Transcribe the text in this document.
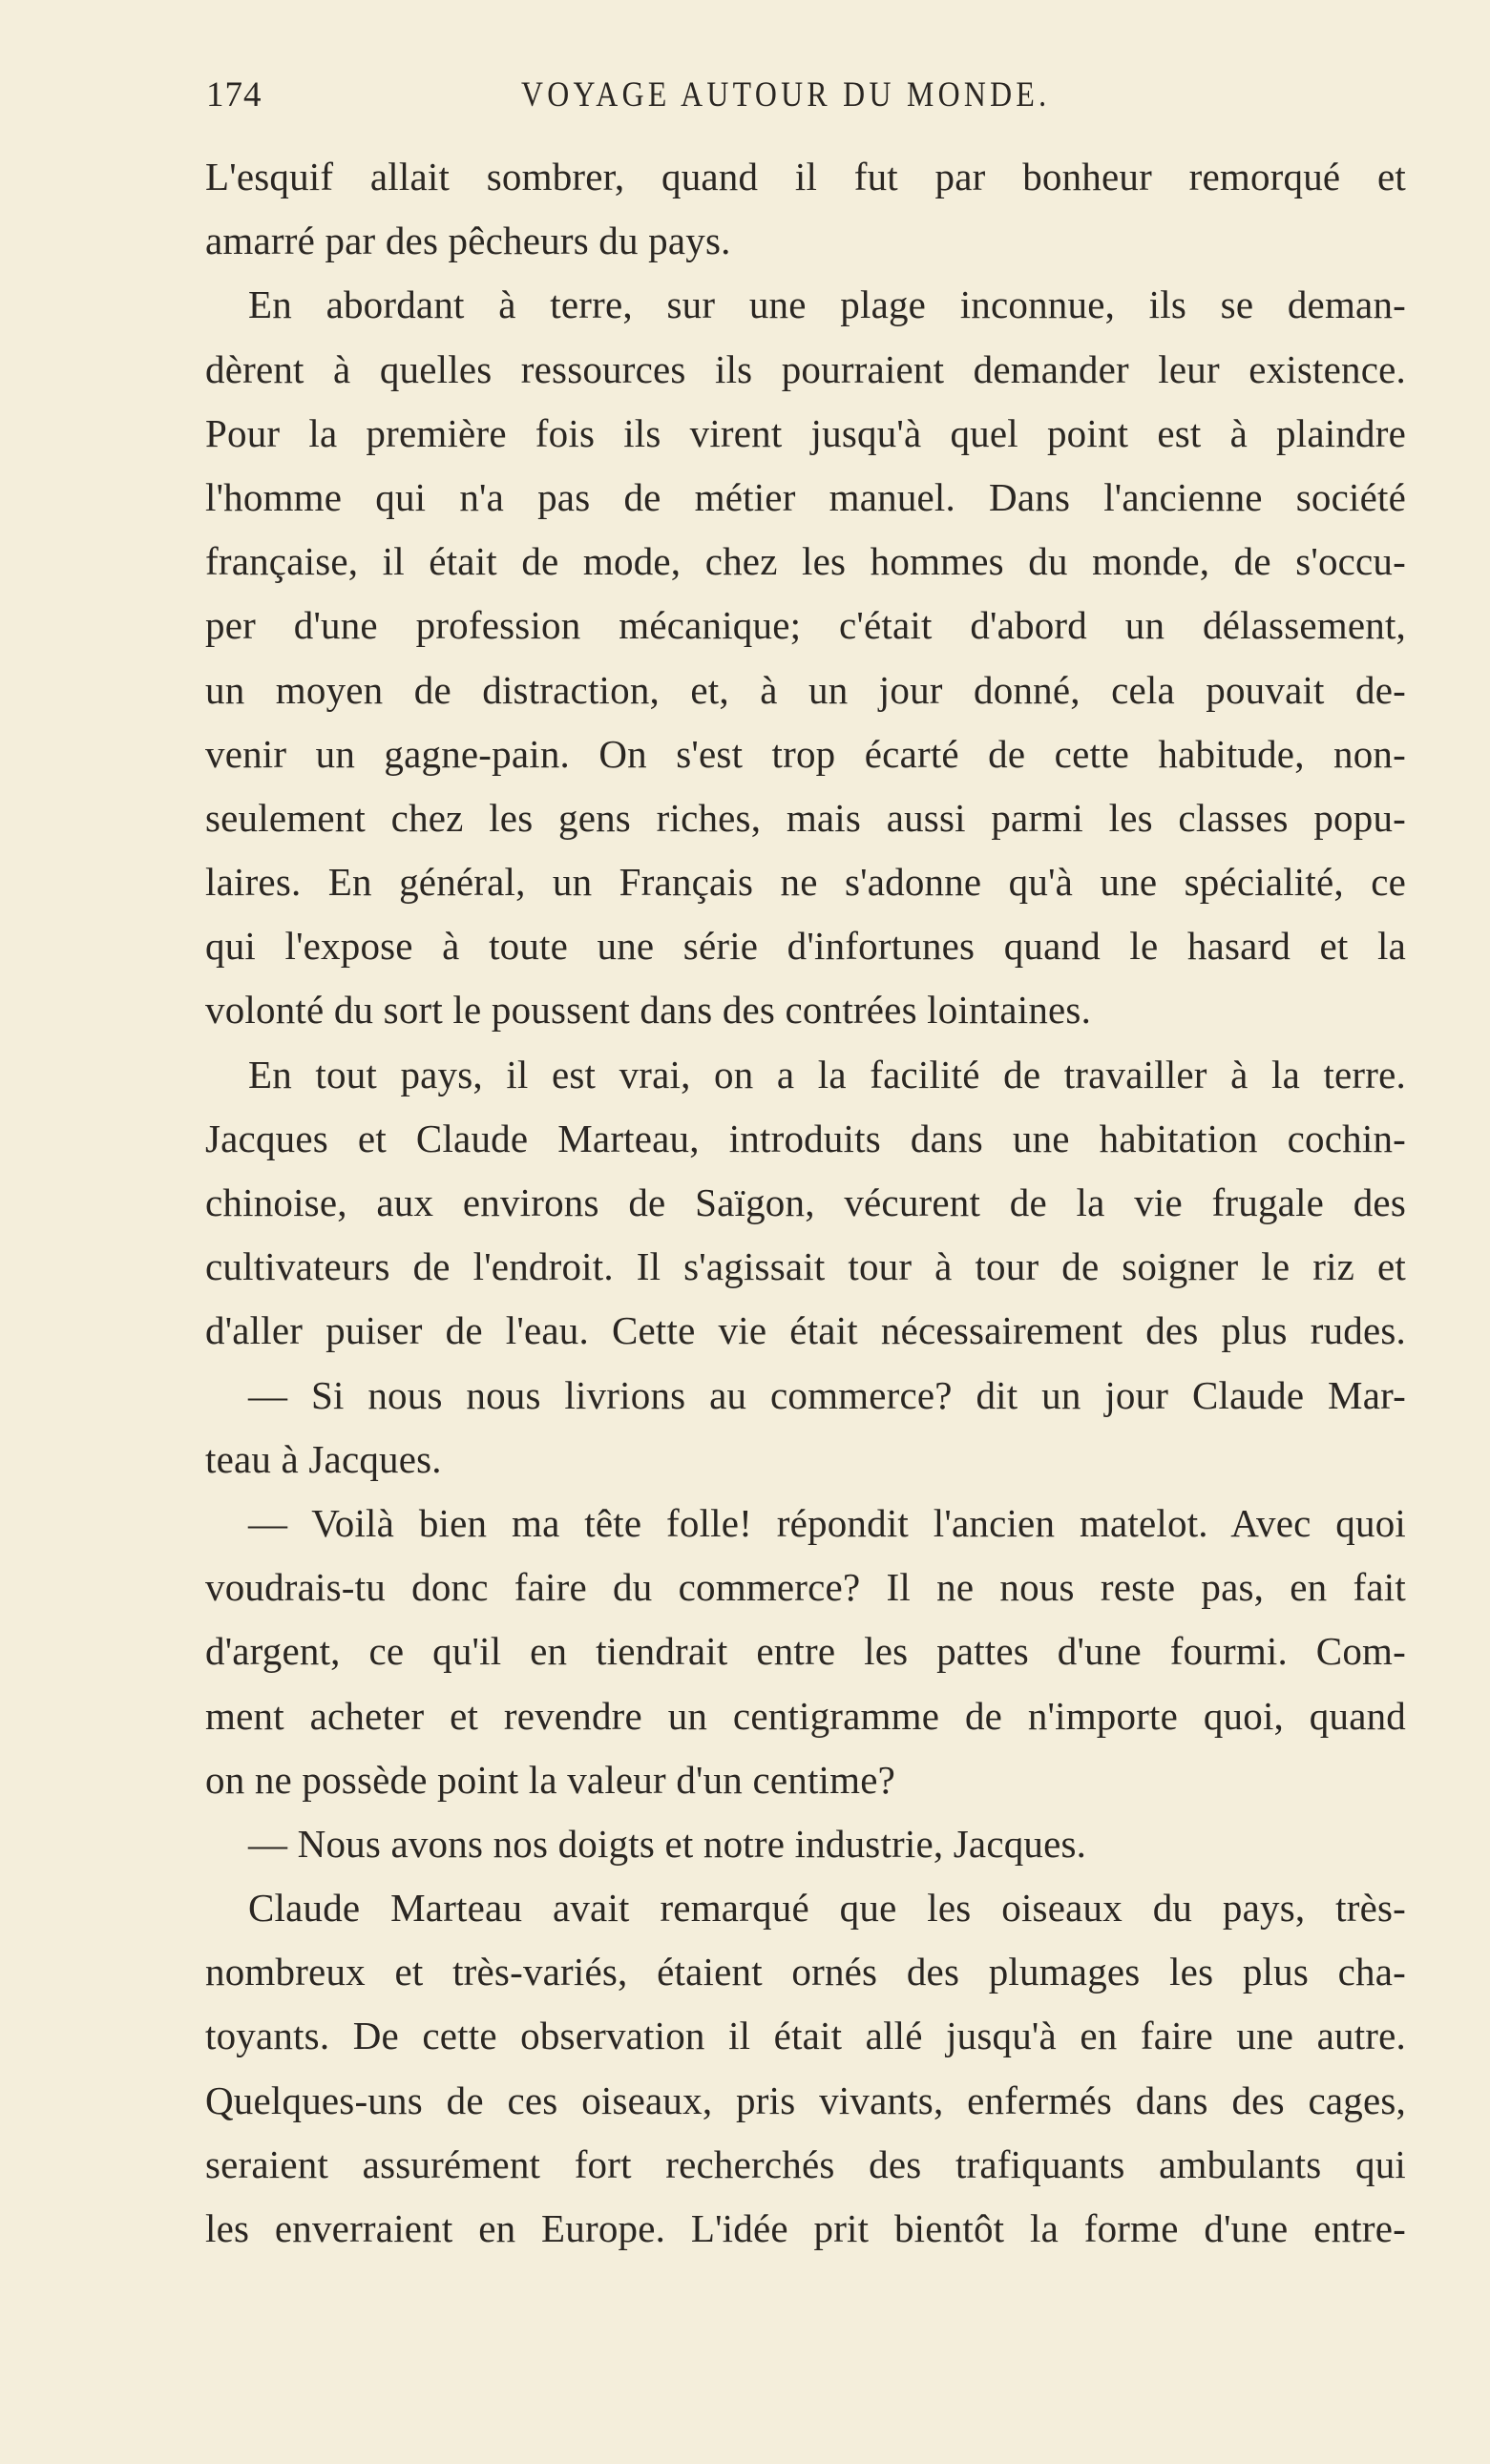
174	VOYAGE AUTOUR DU MONDE.
L'esquif allait sombrer, quand il fut par bonheur remorqué et
amarré par des pêcheurs du pays.
En abordant à terre, sur une plage inconnue, ils se deman-
dèrent à quelles ressources ils pourraient demander leur existence.
Pour la première fois ils virent jusqu'à quel point est à plaindre
l'homme qui n'a pas de métier manuel. Dans l'ancienne société
française, il était de mode, chez les hommes du monde, de s'occu-
per d'une profession mécanique; c'était d'abord un délassement,
un moyen de distraction, et, à un jour donné, cela pouvait de-
venir un gagne-pain. On s'est trop écarté de cette habitude, non-
seulement chez les gens riches, mais aussi parmi les classes popu-
laires. En général, un Français ne s'adonne qu'à une spécialité, ce
qui l'expose à toute une série d'infortunes quand le hasard et la
volonté du sort le poussent dans des contrées lointaines.
En tout pays, il est vrai, on a la facilité de travailler à la terre.
Jacques et Claude Marteau, introduits dans une habitation cochin-
chinoise, aux environs de Saïgon, vécurent de la vie frugale des
cultivateurs de l'endroit. Il s'agissait tour à tour de soigner le riz et
d'aller puiser de l'eau. Cette vie était nécessairement des plus rudes.
— Si nous nous livrions au commerce? dit un jour Claude Mar-
teau à Jacques.
— Voilà bien ma tête folle! répondit l'ancien matelot. Avec quoi
voudrais-tu donc faire du commerce? Il ne nous reste pas, en fait
d'argent, ce qu'il en tiendrait entre les pattes d'une fourmi. Com-
ment acheter et revendre un centigramme de n'importe quoi, quand
on ne possède point la valeur d'un centime?
— Nous avons nos doigts et notre industrie, Jacques.
Claude Marteau avait remarqué que les oiseaux du pays, très-
nombreux et très-variés, étaient ornés des plumages les plus cha-
toyants. De cette observation il était allé jusqu'à en faire une autre.
Quelques-uns de ces oiseaux, pris vivants, enfermés dans des cages,
seraient assurément fort recherchés des trafiquants ambulants qui
les enverraient en Europe. L'idée prit bientôt la forme d'une entre-
